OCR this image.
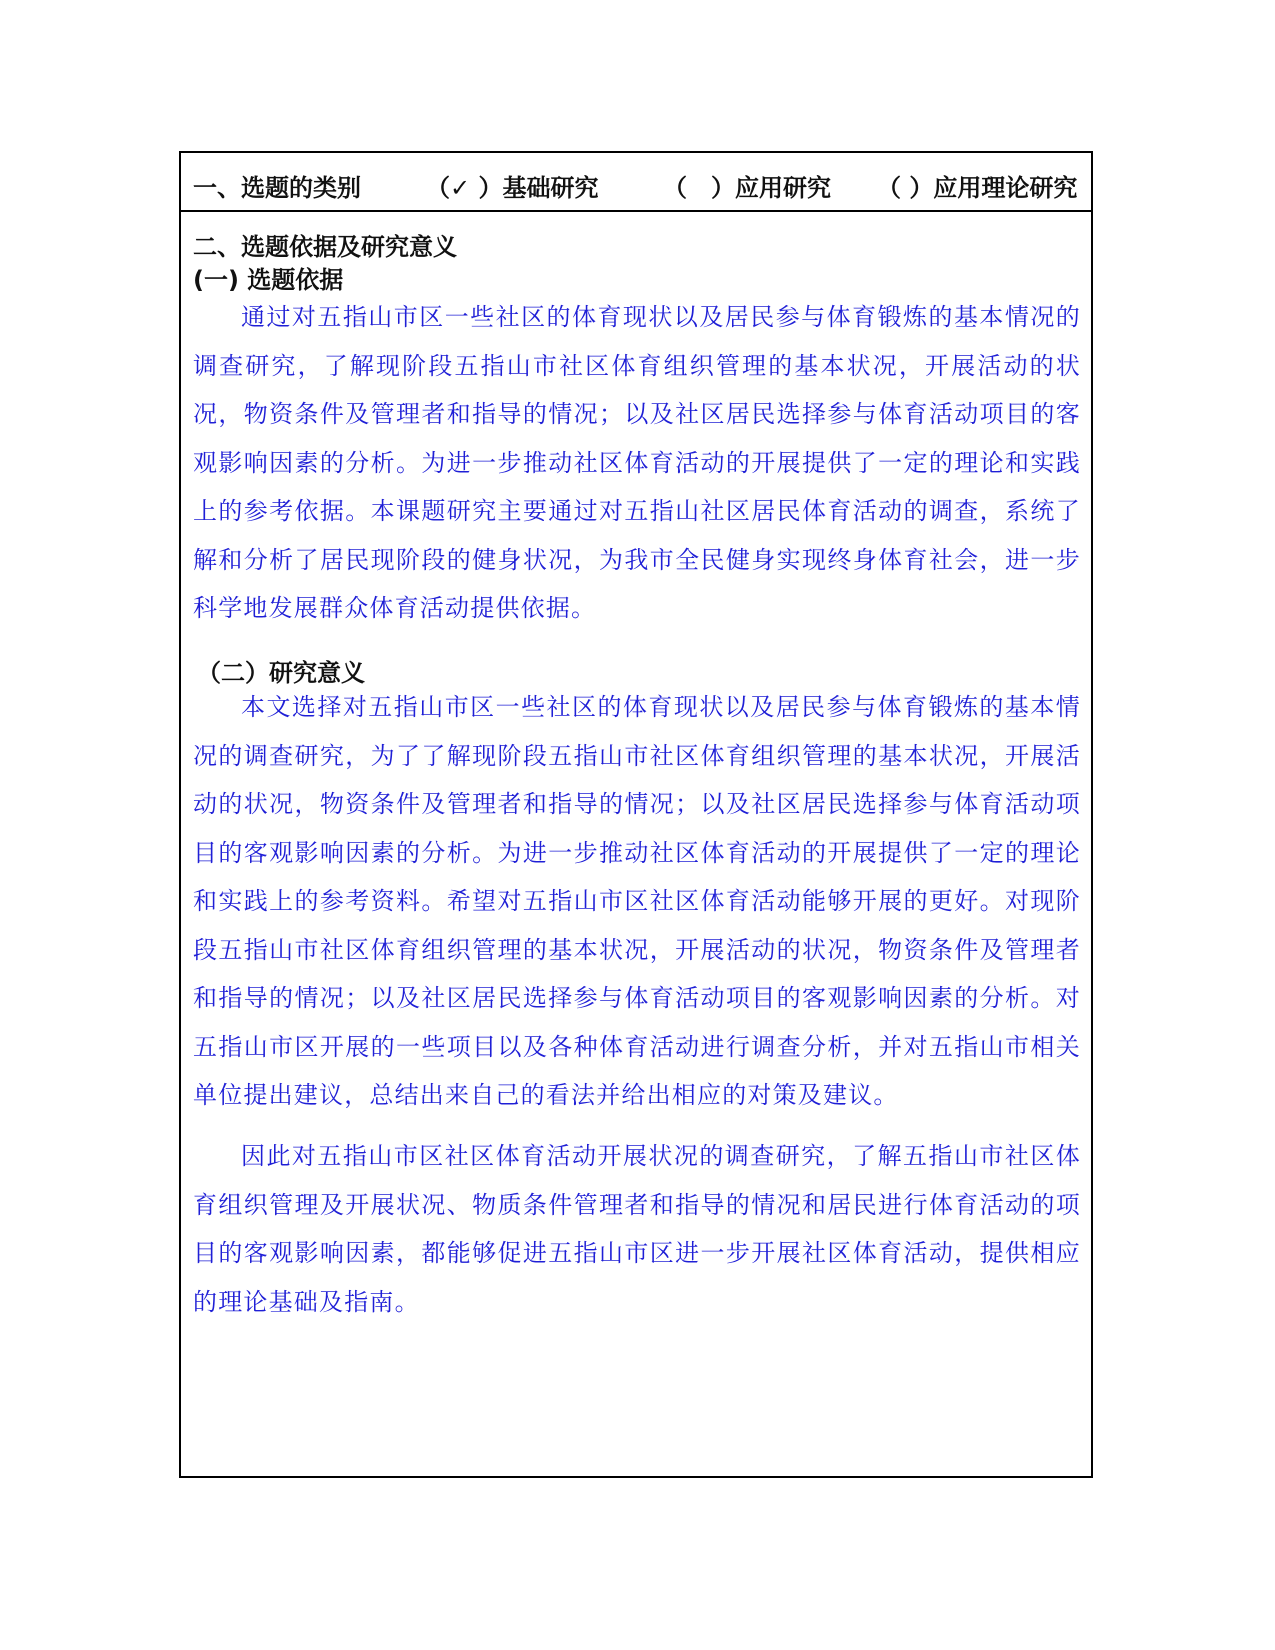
一、选题的类别	（✓ ）基础研究	（　）应用研究 （ ）应用理论研究
二、选题依据及研究意义
(一) 选题依据

通过对五指山市区一些社区的体育现状以及居民参与体育锻炼的基本情况的调查研究，了解现阶段五指山市社区体育组织管理的基本状况，开展活动的状况，物资条件及管理者和指导的情况；以及社区居民选择参与体育活动项目的客观影响因素的分析。为进一步推动社区体育活动的开展提供了一定的理论和实践上的参考依据。本课题研究主要通过对五指山社区居民体育活动的调查，系统了解和分析了居民现阶段的健身状况，为我市全民健身实现终身体育社会，进一步科学地发展群众体育活动提供依据。

（二）研究意义

本文选择对五指山市区一些社区的体育现状以及居民参与体育锻炼的基本情况的调查研究，为了了解现阶段五指山市社区体育组织管理的基本状况，开展活动的状况，物资条件及管理者和指导的情况；以及社区居民选择参与体育活动项目的客观影响因素的分析。为进一步推动社区体育活动的开展提供了一定的理论和实践上的参考资料。希望对五指山市区社区体育活动能够开展的更好。对现阶段五指山市社区体育组织管理的基本状况，开展活动的状况，物资条件及管理者和指导的情况；以及社区居民选择参与体育活动项目的客观影响因素的分析。对五指山市区开展的一些项目以及各种体育活动进行调查分析，并对五指山市相关单位提出建议，总结出来自己的看法并给出相应的对策及建议。

因此对五指山市区社区体育活动开展状况的调查研究，了解五指山市社区体育组织管理及开展状况、物质条件管理者和指导的情况和居民进行体育活动的项目的客观影响因素，都能够促进五指山市区进一步开展社区体育活动，提供相应的理论基础及指南。
